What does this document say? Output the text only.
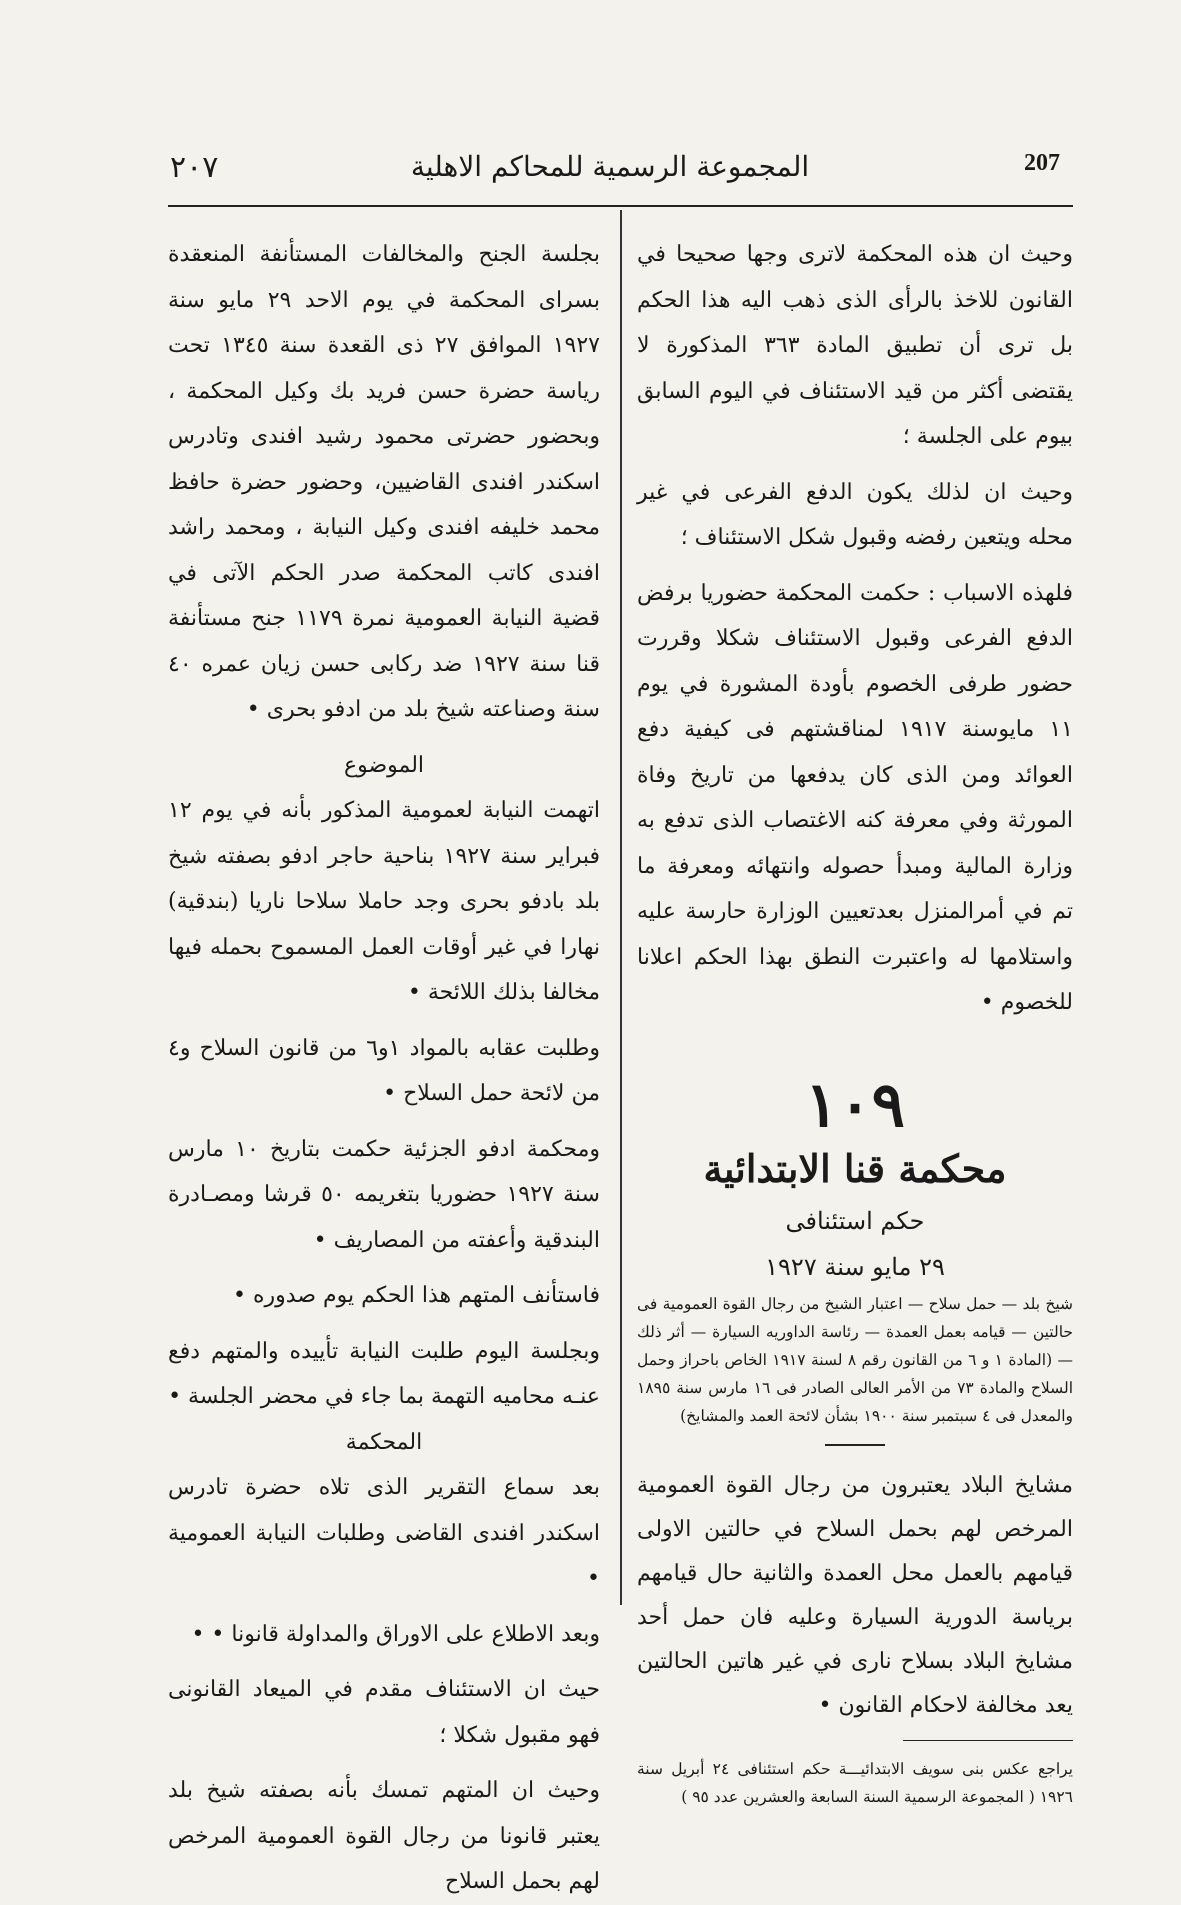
٢٠٧	المجموعة الرسمية للمحاكم الاهلية	207

وحيث ان هذه المحكمة لاترى وجها صحيحا في القانون للاخذ بالرأى الذى ذهب اليه هذا الحكم بل ترى أن تطبيق المادة ٣٦٣ المذكورة لا يقتضى أكثر من قيد الاستئناف في اليوم السابق بيوم على الجلسة ؛

وحيث ان لذلك يكون الدفع الفرعى في غير محله ويتعين رفضه وقبول شكل الاستئناف ؛

فلهذه الاسباب : حكمت المحكمة حضوريا برفض الدفع الفرعى وقبول الاستئناف شكلا وقررت حضور طرفى الخصوم بأودة المشورة في يوم ١١ مايوسنة ١٩١٧ لمناقشتهم فى كيفية دفع العوائد ومن الذى كان يدفعها من تاريخ وفاة المورثة وفي معرفة كنه الاغتصاب الذى تدفع به وزارة المالية ومبدأ حصوله وانتهائه ومعرفة ما تم في أمرالمنزل بعدتعيين الوزارة حارسة عليه واستلامها له واعتبرت النطق بهذا الحكم اعلانا للخصوم •

١٠٩
محكمة قنا الابتدائية
حكم استئنافى
٢٩ مايو سنة ١٩٢٧

شيخ بلد — حمل سلاح — اعتبار الشيخ من رجال القوة العمومية فى حالتين — قيامه بعمل العمدة — رئاسة الداوريه السيارة — أثر ذلك — (المادة ١ و ٦ من القانون رقم ٨ لسنة ١٩١٧ الخاص باحراز وحمل السلاح والمادة ٧٣ من الأمر العالى الصادر فى ١٦ مارس سنة ١٨٩٥ والمعدل فى ٤ سبتمبر سنة ١٩٠٠ بشأن لائحة العمد والمشايخ)

مشايخ البلاد يعتبرون من رجال القوة العمومية المرخص لهم بحمل السلاح في حالتين الاولى قيامهم بالعمل محل العمدة والثانية حال قيامهم برياسة الدورية السيارة وعليه فان حمل أحد مشايخ البلاد بسلاح نارى في غير هاتين الحالتين يعد مخالفة لاحكام القانون •

يراجع عكس بنى سويف الابتدائيـــة حكم استئنافى ٢٤ أبريل سنة ١٩٢٦ ( المجموعة الرسمية السنة السابعة والعشرين عدد ٩٥ )

بجلسة الجنح والمخالفات المستأنفة المنعقدة بسراى المحكمة في يوم الاحد ٢٩ مايو سنة ١٩٢٧ الموافق ٢٧ ذى القعدة سنة ١٣٤٥ تحت رياسة حضرة حسن فريد بك وكيل المحكمة ، وبحضور حضرتى محمود رشيد افندى وتادرس اسكندر افندى القاضيين، وحضور حضرة حافظ محمد خليفه افندى وكيل النيابة ، ومحمد راشد افندى كاتب المحكمة صدر الحكم الآتى في قضية النيابة العمومية نمرة ١١٧٩ جنح مستأنفة قنا سنة ١٩٢٧ ضد ركابى حسن زيان عمره ٤٠ سنة وصناعته شيخ بلد من ادفو بحرى •

الموضوع

اتهمت النيابة لعمومية المذكور بأنه في يوم ١٢ فبراير سنة ١٩٢٧ بناحية حاجر ادفو بصفته شيخ بلد بادفو بحرى وجد حاملا سلاحا ناريا (بندقية) نهارا في غير أوقات العمل المسموح بحمله فيها مخالفا بذلك اللائحة •

وطلبت عقابه بالمواد ١و٦ من قانون السلاح و٤ من لائحة حمل السلاح •

ومحكمة ادفو الجزئية حكمت بتاريخ ١٠ مارس سنة ١٩٢٧ حضوريا بتغريمه ٥٠ قرشا ومصـادرة البندقية وأعفته من المصاريف •

فاستأنف المتهم هذا الحكم يوم صدوره •

وبجلسة اليوم طلبت النيابة تأييده والمتهم دفع عنـه محاميه التهمة بما جاء في محضر الجلسة •

المحكمة

بعد سماع التقرير الذى تلاه حضرة تادرس اسكندر افندى القاضى وطلبات النيابة العمومية •

وبعد الاطلاع على الاوراق والمداولة قانونا • •

حيث ان الاستئناف مقدم في الميعاد القانونى فهو مقبول شكلا ؛

وحيث ان المتهم تمسك بأنه بصفته شيخ بلد يعتبر قانونا من رجال القوة العمومية المرخص لهم بحمل السلاح
